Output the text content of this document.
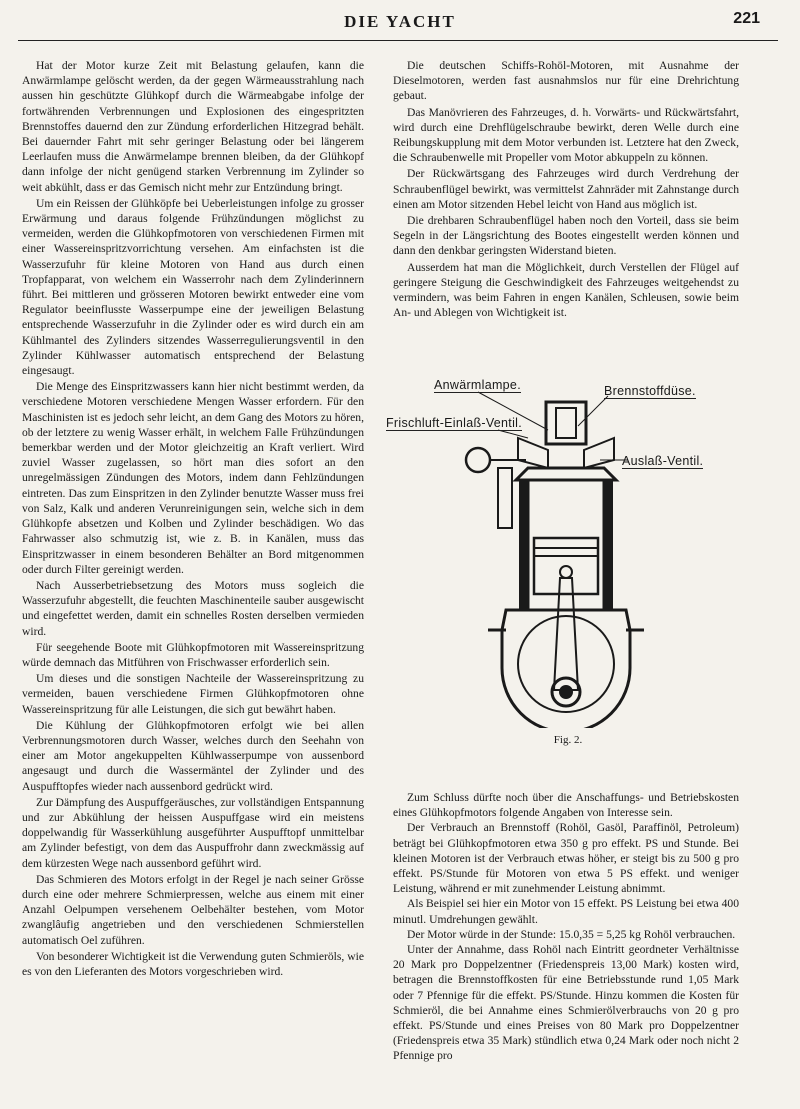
DIE YACHT	221

Hat der Motor kurze Zeit mit Belastung gelaufen, kann die Anwärmlampe gelöscht werden, da der gegen Wärmeausstrahlung nach aussen hin geschützte Glühkopf durch die Wärmeabgabe infolge der fortwährenden Verbrennungen und Explosionen des eingespritzten Brennstoffes dauernd den zur Zündung erforderlichen Hitzegrad behält. Bei dauernder Fahrt mit sehr geringer Belastung oder bei längerem Leerlaufen muss die Anwärmelampe brennen bleiben, da der Glühkopf dann infolge der nicht genügend starken Verbrennung im Zylinder so weit abkühlt, dass er das Gemisch nicht mehr zur Entzündung bringt.

Um ein Reissen der Glühköpfe bei Ueberleistungen infolge zu grosser Erwärmung und daraus folgende Frühzündungen möglichst zu vermeiden, werden die Glühkopfmotoren von verschiedenen Firmen mit einer Wassereinspritzvorrichtung versehen. Am einfachsten ist die Wasserzufuhr für kleine Motoren von Hand aus durch einen Tropfapparat, von welchem ein Wasserrohr nach dem Zylinderinnern führt. Bei mittleren und grösseren Motoren bewirkt entweder eine vom Regulator beeinflusste Wasserpumpe eine der jeweiligen Belastung entsprechende Wasserzufuhr in die Zylinder oder es wird durch ein am Kühlmantel des Zylinders sitzendes Wasserregulierungsventil in den Zylinder Kühlwasser automatisch entsprechend der Belastung eingesaugt.

Die Menge des Einspritzwassers kann hier nicht bestimmt werden, da verschiedene Motoren verschiedene Mengen Wasser erfordern. Für den Maschinisten ist es jedoch sehr leicht, an dem Gang des Motors zu hören, ob der letztere zu wenig Wasser erhält, in welchem Falle Frühzündungen bemerkbar werden und der Motor gleichzeitig an Kraft verliert. Wird zuviel Wasser zugelassen, so hört man dies sofort an den unregelmässigen Zündungen des Motors, indem dann Fehlzündungen eintreten. Das zum Einspritzen in den Zylinder benutzte Wasser muss frei von Salz, Kalk und anderen Verunreinigungen sein, welche sich in dem Glühkopfe absetzen und Kolben und Zylinder beschädigen. Wo das Fahrwasser also schmutzig ist, wie z. B. in Kanälen, muss das Einspritzwasser in einem besonderen Behälter an Bord mitgenommen oder durch Filter gereinigt werden.

Nach Ausserbetriebsetzung des Motors muss sogleich die Wasserzufuhr abgestellt, die feuchten Maschinenteile sauber ausgewischt und eingefettet werden, damit ein schnelles Rosten derselben vermieden wird.

Für seegehende Boote mit Glühkopfmotoren mit Wassereinspritzung würde demnach das Mitführen von Frischwasser erforderlich sein.

Um dieses und die sonstigen Nachteile der Wassereinspritzung zu vermeiden, bauen verschiedene Firmen Glühkopfmotoren ohne Wassereinspritzung für alle Leistungen, die sich gut bewährt haben.

Die Kühlung der Glühkopfmotoren erfolgt wie bei allen Verbrennungsmotoren durch Wasser, welches durch den Seehahn von einer am Motor angekuppelten Kühlwasserpumpe von aussenbord angesaugt und durch die Wassermäntel der Zylinder und des Auspufftopfes wieder nach aussenbord gedrückt wird.

Zur Dämpfung des Auspuffgeräusches, zur vollständigen Entspannung und zur Abkühlung der heissen Auspuffgase wird ein meistens doppelwandig für Wasserkühlung ausgeführter Auspufftopf unmittelbar am Zylinder befestigt, von dem das Auspuffrohr dann zweckmässig auf dem kürzesten Wege nach aussenbord geführt wird.

Das Schmieren des Motors erfolgt in der Regel je nach seiner Grösse durch eine oder mehrere Schmierpressen, welche aus einem mit einer Anzahl Oelpumpen versehenem Oelbehälter bestehen, vom Motor zwanglâufig angetrieben und den verschiedenen Schmierstellen automatisch Oel zuführen.

Von besonderer Wichtigkeit ist die Verwendung guten Schmieröls, wie es von den Lieferanten des Motors vorgeschrieben wird.

Die deutschen Schiffs-Rohöl-Motoren, mit Ausnahme der Dieselmotoren, werden fast ausnahmslos nur für eine Drehrichtung gebaut.

Das Manövrieren des Fahrzeuges, d. h. Vorwärts- und Rückwärtsfahrt, wird durch eine Drehflügelschraube bewirkt, deren Welle durch eine Reibungskupplung mit dem Motor verbunden ist. Letztere hat den Zweck, die Schraubenwelle mit Propeller vom Motor abkuppeln zu können.

Der Rückwärtsgang des Fahrzeuges wird durch Verdrehung der Schraubenflügel bewirkt, was vermittelst Zahnräder mit Zahnstange durch einen am Motor sitzenden Hebel leicht von Hand aus möglich ist.

Die drehbaren Schraubenflügel haben noch den Vorteil, dass sie beim Segeln in der Längsrichtung des Bootes eingestellt werden können und dann den denkbar geringsten Widerstand bieten.

Ausserdem hat man die Möglichkeit, durch Verstellen der Flügel auf geringere Steigung die Geschwindigkeit des Fahrzeuges weitgehendst zu vermindern, was beim Fahren in engen Kanälen, Schleusen, sowie beim An- und Ablegen von Wichtigkeit ist.

Anwärmlampe.	Brennstoffdüse.
Frischluft-Einlaß-Ventil.
Auslaß-Ventil.
Fig. 2.

Zum Schluss dürfte noch über die Anschaffungs- und Betriebskosten eines Glühkopfmotors folgende Angaben von Interesse sein.

Der Verbrauch an Brennstoff (Rohöl, Gasöl, Paraffinöl, Petroleum) beträgt bei Glühkopfmotoren etwa 350 g pro effekt. PS und Stunde. Bei kleinen Motoren ist der Verbrauch etwas höher, er steigt bis zu 500 g pro effekt. PS/Stunde für Motoren von etwa 5 PS effekt. und weniger Leistung, während er mit zunehmender Leistung abnimmt.

Als Beispiel sei hier ein Motor von 15 effekt. PS Leistung bei etwa 400 minutl. Umdrehungen gewählt.

Der Motor würde in der Stunde: 15.0,35 = 5,25 kg Rohöl verbrauchen.

Unter der Annahme, dass Rohöl nach Eintritt geordneter Verhältnisse 20 Mark pro Doppelzentner (Friedenspreis 13,00 Mark) kosten wird, betragen die Brennstoffkosten für eine Betriebsstunde rund 1,05 Mark oder 7 Pfennige für die effekt. PS/Stunde. Hinzu kommen die Kosten für Schmieröl, die bei Annahme eines Schmierölverbrauchs von 20 g pro effekt. PS/Stunde und eines Preises von 80 Mark pro Doppelzentner (Friedenspreis etwa 35 Mark) stündlich etwa 0,24 Mark oder noch nicht 2 Pfennige pro
